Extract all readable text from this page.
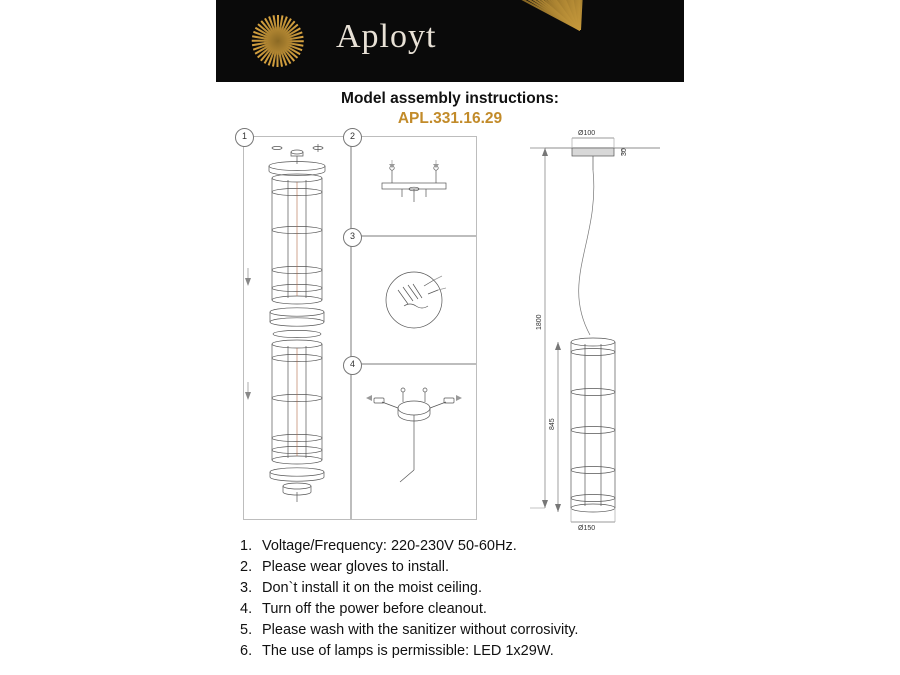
Aployt
Model assembly instructions:
APL.331.16.29
1	2
3
4
Ø100
30
1800
845
Ø150
1. Voltage/Frequency: 220-230V 50-60Hz.
2. Please wear gloves to install.
3. Don`t install it on the moist ceiling.
4. Turn off the power before cleanout.
5. Please wash with the sanitizer without corrosivity.
6. The use of lamps is permissible: LED 1x29W.
